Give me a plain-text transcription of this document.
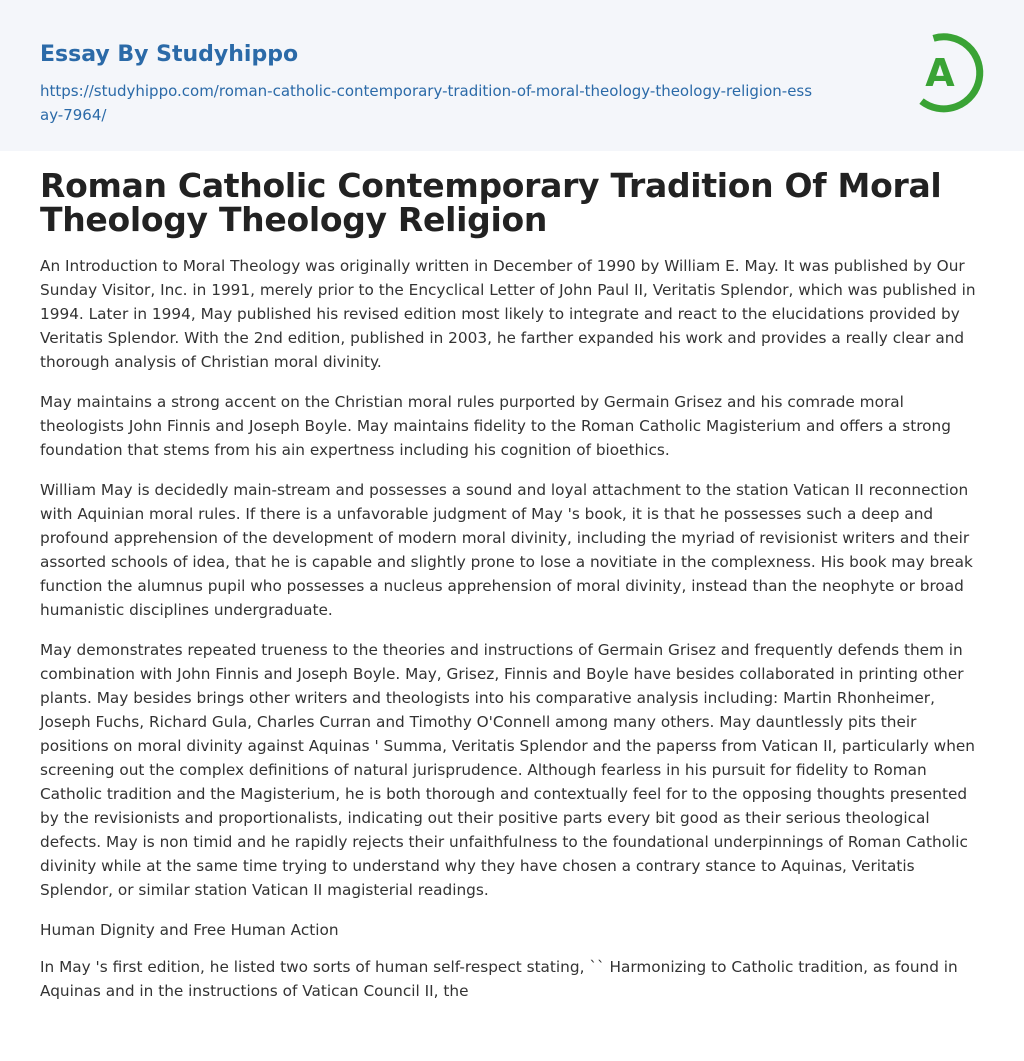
Essay By Studyhippo
https://studyhippo.com/roman-catholic-contemporary-tradition-of-moral-theology-theology-religion-essay-7964/
A
Roman Catholic Contemporary Tradition Of Moral Theology Theology Religion

An Introduction to Moral Theology was originally written in December of 1990 by William E. May. It was published by Our Sunday Visitor, Inc. in 1991, merely prior to the Encyclical Letter of John Paul II, Veritatis Splendor, which was published in 1994. Later in 1994, May published his revised edition most likely to integrate and react to the elucidations provided by Veritatis Splendor. With the 2nd edition, published in 2003, he farther expanded his work and provides a really clear and thorough analysis of Christian moral divinity.

May maintains a strong accent on the Christian moral rules purported by Germain Grisez and his comrade moral theologists John Finnis and Joseph Boyle. May maintains fidelity to the Roman Catholic Magisterium and offers a strong foundation that stems from his ain expertness including his cognition of bioethics.

William May is decidedly main-stream and possesses a sound and loyal attachment to the station Vatican II reconnection with Aquinian moral rules. If there is a unfavorable judgment of May 's book, it is that he possesses such a deep and profound apprehension of the development of modern moral divinity, including the myriad of revisionist writers and their assorted schools of idea, that he is capable and slightly prone to lose a novitiate in the complexness. His book may break function the alumnus pupil who possesses a nucleus apprehension of moral divinity, instead than the neophyte or broad humanistic disciplines undergraduate.

May demonstrates repeated trueness to the theories and instructions of Germain Grisez and frequently defends them in combination with John Finnis and Joseph Boyle. May, Grisez, Finnis and Boyle have besides collaborated in printing other plants. May besides brings other writers and theologists into his comparative analysis including: Martin Rhonheimer, Joseph Fuchs, Richard Gula, Charles Curran and Timothy O'Connell among many others. May dauntlessly pits their positions on moral divinity against Aquinas ' Summa, Veritatis Splendor and the paperss from Vatican II, particularly when screening out the complex definitions of natural jurisprudence. Although fearless in his pursuit for fidelity to Roman Catholic tradition and the Magisterium, he is both thorough and contextually feel for to the opposing thoughts presented by the revisionists and proportionalists, indicating out their positive parts every bit good as their serious theological defects. May is non timid and he rapidly rejects their unfaithfulness to the foundational underpinnings of Roman Catholic divinity while at the same time trying to understand why they have chosen a contrary stance to Aquinas, Veritatis Splendor, or similar station Vatican II magisterial readings.

Human Dignity and Free Human Action

In May 's first edition, he listed two sorts of human self-respect stating, `` Harmonizing to Catholic tradition, as found in Aquinas and in the instructions of Vatican Council II, the
